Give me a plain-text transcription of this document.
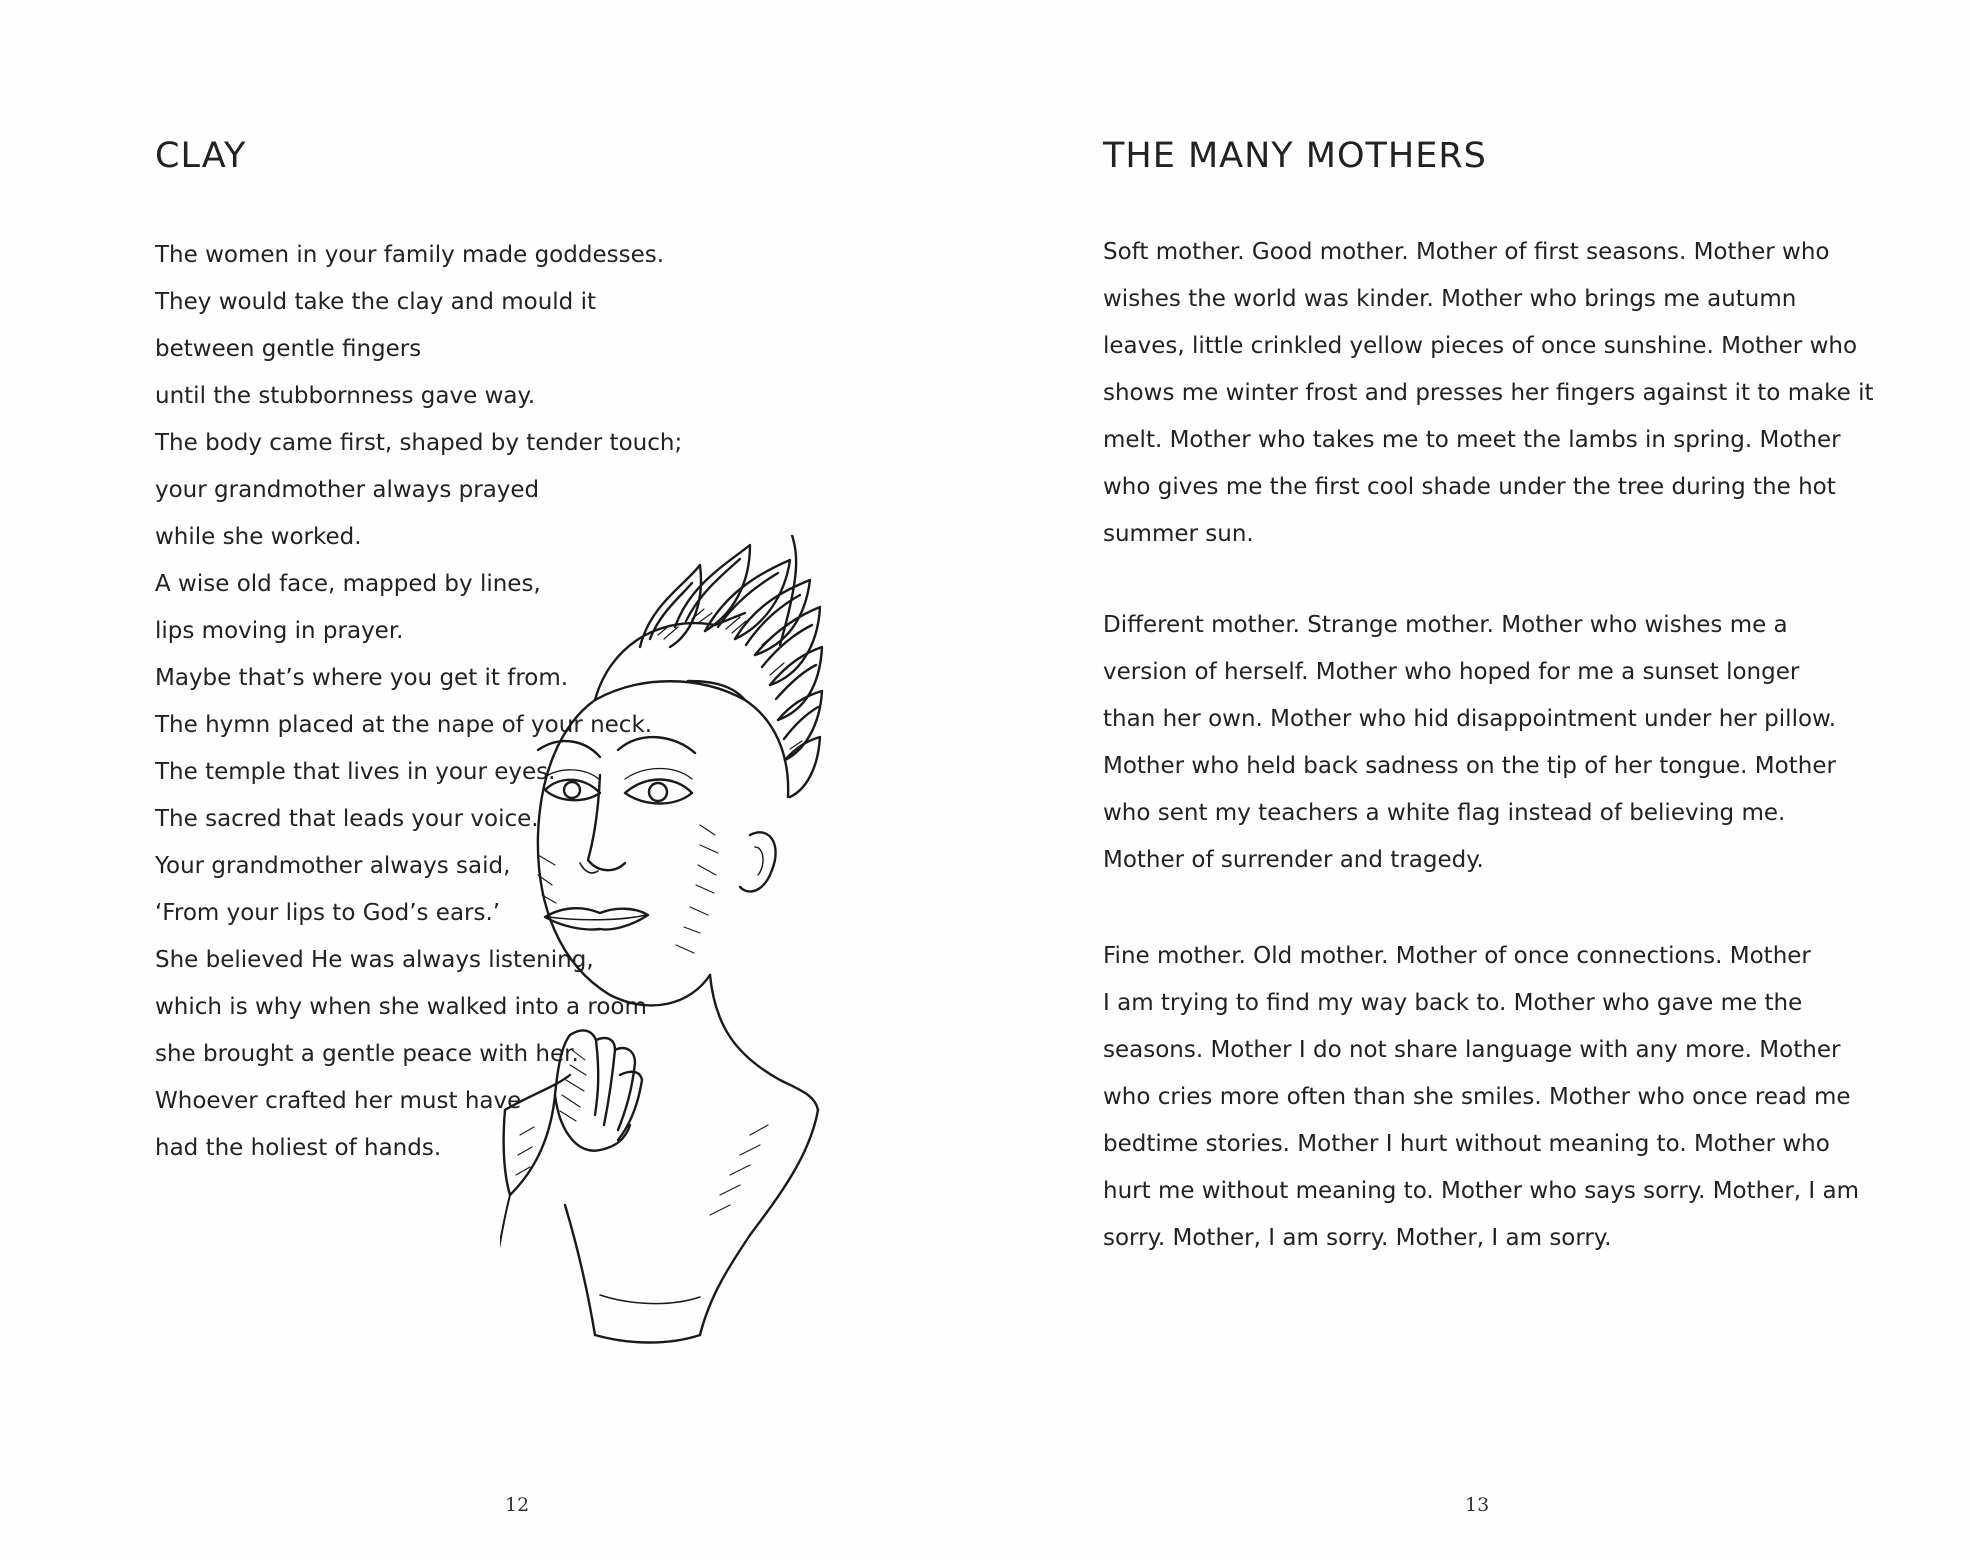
CLAY
The women in your family made goddesses.
They would take the clay and mould it
between gentle fingers
until the stubbornness gave way.
The body came first, shaped by tender touch;
your grandmother always prayed
while she worked.
A wise old face, mapped by lines,
lips moving in prayer.
Maybe that’s where you get it from.
The hymn placed at the nape of your neck.
The temple that lives in your eyes.
The sacred that leads your voice.
Your grandmother always said,
‘From your lips to God’s ears.’
She believed He was always listening,
which is why when she walked into a room
she brought a gentle peace with her.
Whoever crafted her must have
had the holiest of hands.
12
THE MANY MOTHERS

Soft mother. Good mother. Mother of first seasons. Mother who
wishes the world was kinder. Mother who brings me autumn
leaves, little crinkled yellow pieces of once sunshine. Mother who
shows me winter frost and presses her fingers against it to make it
melt. Mother who takes me to meet the lambs in spring. Mother
who gives me the first cool shade under the tree during the hot
summer sun.

Different mother. Strange mother. Mother who wishes me a
version of herself. Mother who hoped for me a sunset longer
than her own. Mother who hid disappointment under her pillow.
Mother who held back sadness on the tip of her tongue. Mother
who sent my teachers a white flag instead of believing me.
Mother of surrender and tragedy.

Fine mother. Old mother. Mother of once connections. Mother
I am trying to find my way back to. Mother who gave me the
seasons. Mother I do not share language with any more. Mother
who cries more often than she smiles. Mother who once read me
bedtime stories. Mother I hurt without meaning to. Mother who
hurt me without meaning to. Mother who says sorry. Mother, I am
sorry. Mother, I am sorry. Mother, I am sorry.

13
